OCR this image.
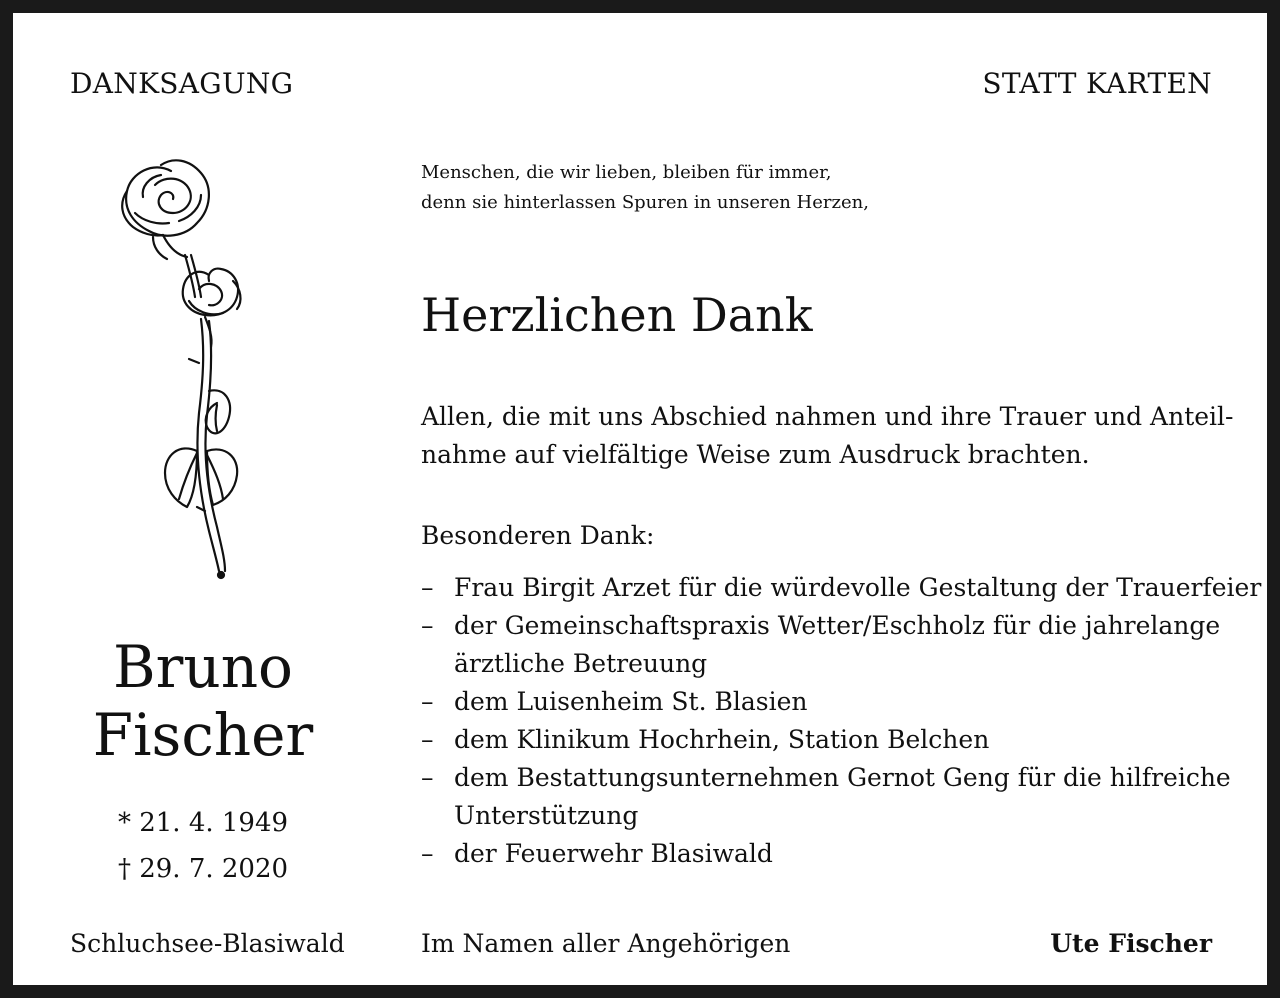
DANKSAGUNG	STATT KARTEN
Bruno
Fischer
* 21. 4. 1949
† 29. 7. 2020
Menschen, die wir lieben, bleiben für immer,
denn sie hinterlassen Spuren in unseren Herzen,
Herzlichen Dank
Allen, die mit uns Abschied nahmen und ihre Trauer und Anteil-
nahme auf vielfältige Weise zum Ausdruck brachten.
Besonderen Dank:
– Frau Birgit Arzet für die würdevolle Gestaltung der Trauerfeier
– der Gemeinschaftspraxis Wetter/Eschholz für die jahrelange
ärztliche Betreuung
– dem Luisenheim St. Blasien
– dem Klinikum Hochrhein, Station Belchen
– dem Bestattungsunternehmen Gernot Geng für die hilfreiche
Unterstützung
– der Feuerwehr Blasiwald
Schluchsee-Blasiwald	Im Namen aller Angehörigen	Ute Fischer
